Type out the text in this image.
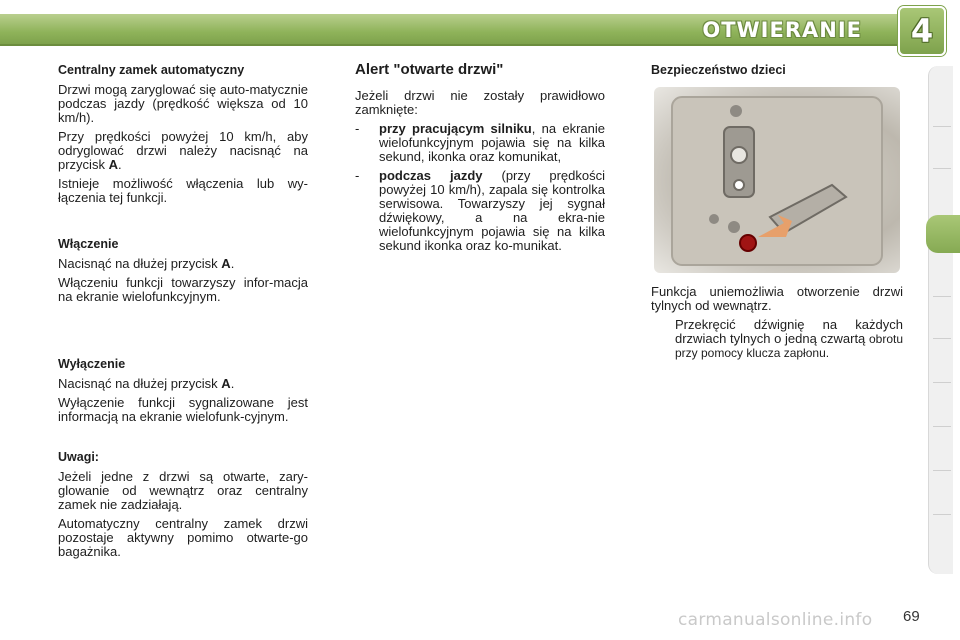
OTWIERANIE	4
Centralny zamek automatyczny

Drzwi mogą zaryglować się auto-matycznie podczas jazdy (prędkość większa od 10 km/h).

Przy prędkości powyżej 10 km/h, aby odryglować drzwi należy nacisnąć na przycisk A.

Istnieje możliwość włączenia lub wy-łączenia tej funkcji.

Włączenie

Nacisnąć na dłużej przycisk A.

Włączeniu funkcji towarzyszy infor-macja na ekranie wielofunkcyjnym.

Wyłączenie

Nacisnąć na dłużej przycisk A.

Wyłączenie funkcji sygnalizowane jest informacją na ekranie wielofunk-cyjnym.

Uwagi:

Jeżeli jedne z drzwi są otwarte, zary-glowanie od wewnątrz oraz centralny zamek nie zadziałają.

Automatyczny centralny zamek drzwi pozostaje aktywny pomimo otwarte-go bagażnika.

Alert "otwarte drzwi"

Jeżeli drzwi nie zostały prawidłowo zamknięte:

-	przy pracującym silniku, na ekranie wielofunkcyjnym pojawia się na kilka sekund, ikonka oraz komunikat,
-	podczas jazdy (przy prędkości powyżej 10 km/h), zapala się kontrolka serwisowa. Towarzyszy jej sygnał dźwiękowy, a na ekra-nie wielofunkcyjnym pojawia się na kilka sekund ikonka oraz ko-munikat.
Bezpieczeństwo dzieci

Funkcja uniemożliwia otworzenie drzwi tylnych od wewnątrz.

Przekręcić dźwignię na każdych drzwiach tylnych o jedną czwartą obrotu przy pomocy klucza zapłonu.
carmanualsonline.info 69
